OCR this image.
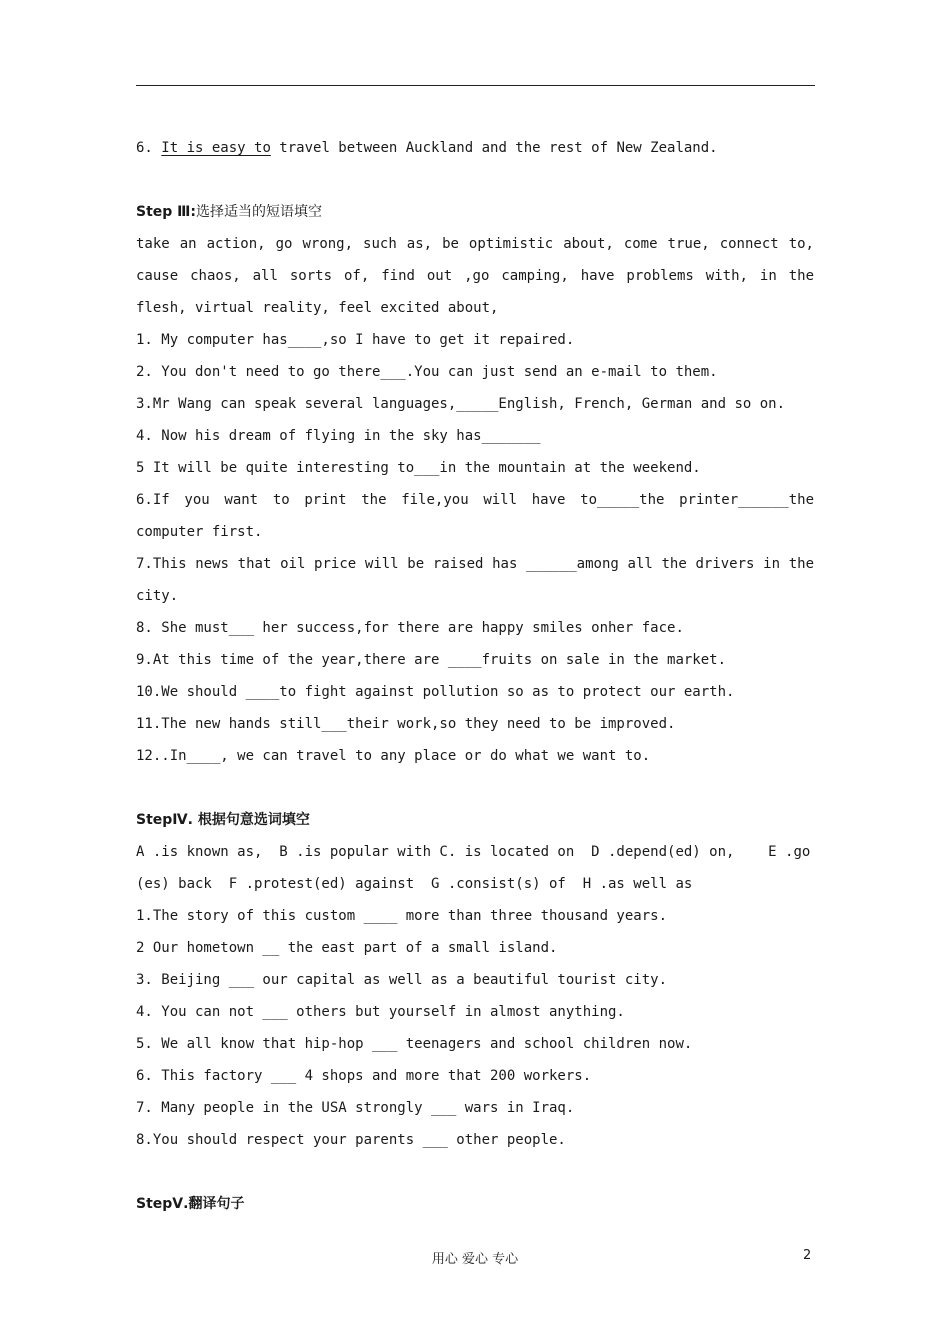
6. It is easy to travel between Auckland and the rest of New Zealand.
Step Ⅲ:选择适当的短语填空
take an action, go wrong, such as, be optimistic about, come true, connect to,
cause chaos, all sorts of, find out ,go camping, have problems with, in the
flesh, virtual reality, feel excited about,
1. My computer has____,so I have to get it repaired.
2. You don't need to go there___.You can just send an e-mail to them.
3.Mr Wang can speak several languages,_____English, French, German and so on.
4. Now his dream of flying in the sky has_______
5 It will be quite interesting to___in the mountain at the weekend.
6.If you want to print the file,you will have to_____the printer______the
computer first.
7.This news that oil price will be raised has ______among all the drivers in the
city.
8. She must___ her success,for there are happy smiles onher face.
9.At this time of the year,there are ____fruits on sale in the market.
10.We should ____to fight against pollution so as to protect our earth.
11.The new hands still___their work,so they need to be improved.
12..In____, we can travel to any place or do what we want to.
StepⅣ. 根据句意选词填空
A .is known as,  B .is popular with C. is located on  D .depend(ed) on,    E .go
(es) back  F .protest(ed) against  G .consist(s) of  H .as well as
1.The story of this custom ____ more than three thousand years.
2 Our hometown __ the east part of a small island.
3. Beijing ___ our capital as well as a beautiful tourist city.
4. You can not ___ others but yourself in almost anything.
5. We all know that hip-hop ___ teenagers and school children now.
6. This factory ___ 4 shops and more that 200 workers.
7. Many people in the USA strongly ___ wars in Iraq.
8.You should respect your parents ___ other people.
StepⅤ.翻译句子
用心 爱心 专心	2
